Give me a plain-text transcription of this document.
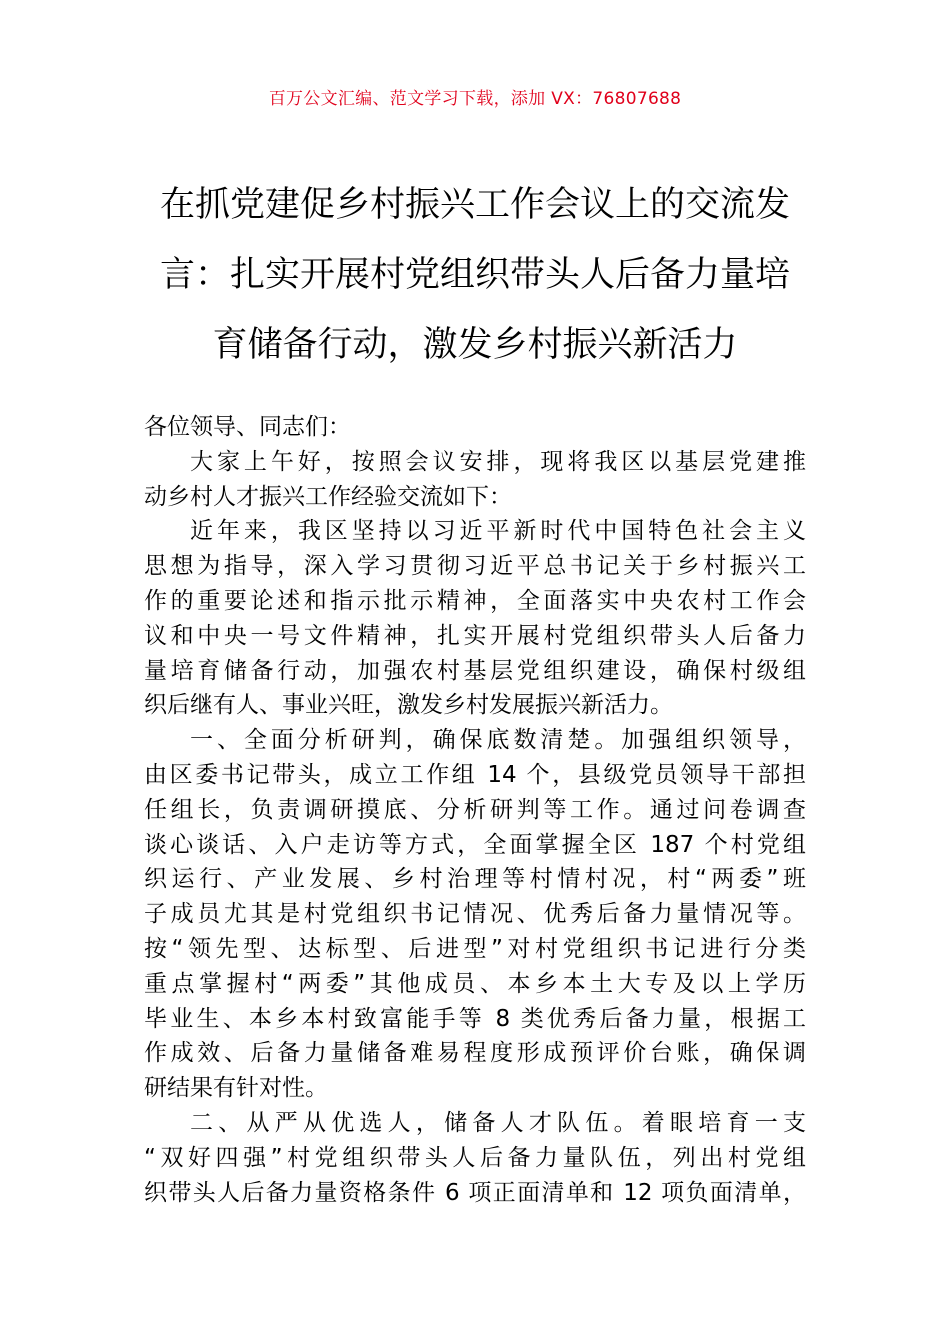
百万公文汇编、范文学习下载，添加 VX：76807688
在抓党建促乡村振兴工作会议上的交流发
言：扎实开展村党组织带头人后备力量培
育储备行动，激发乡村振兴新活力
各位领导、同志们：
大家上午好，按照会议安排，现将我区以基层党建推
动乡村人才振兴工作经验交流如下：
近年来，我区坚持以习近平新时代中国特色社会主义
思想为指导，深入学习贯彻习近平总书记关于乡村振兴工
作的重要论述和指示批示精神，全面落实中央农村工作会
议和中央一号文件精神，扎实开展村党组织带头人后备力
量培育储备行动，加强农村基层党组织建设，确保村级组
织后继有人、事业兴旺，激发乡村发展振兴新活力。
一、全面分析研判，确保底数清楚。加强组织领导，
由区委书记带头，成立工作组 14 个，县级党员领导干部担
任组长，负责调研摸底、分析研判等工作。通过问卷调查
谈心谈话、入户走访等方式，全面掌握全区 187 个村党组
织运行、产业发展、乡村治理等村情村况，村“两委”班
子成员尤其是村党组织书记情况、优秀后备力量情况等。
按“领先型、达标型、后进型”对村党组织书记进行分类
重点掌握村“两委”其他成员、本乡本土大专及以上学历
毕业生、本乡本村致富能手等 8 类优秀后备力量，根据工
作成效、后备力量储备难易程度形成预评价台账，确保调
研结果有针对性。
二、从严从优选人，储备人才队伍。着眼培育一支
“双好四强”村党组织带头人后备力量队伍，列出村党组
织带头人后备力量资格条件 6 项正面清单和 12 项负面清单，
